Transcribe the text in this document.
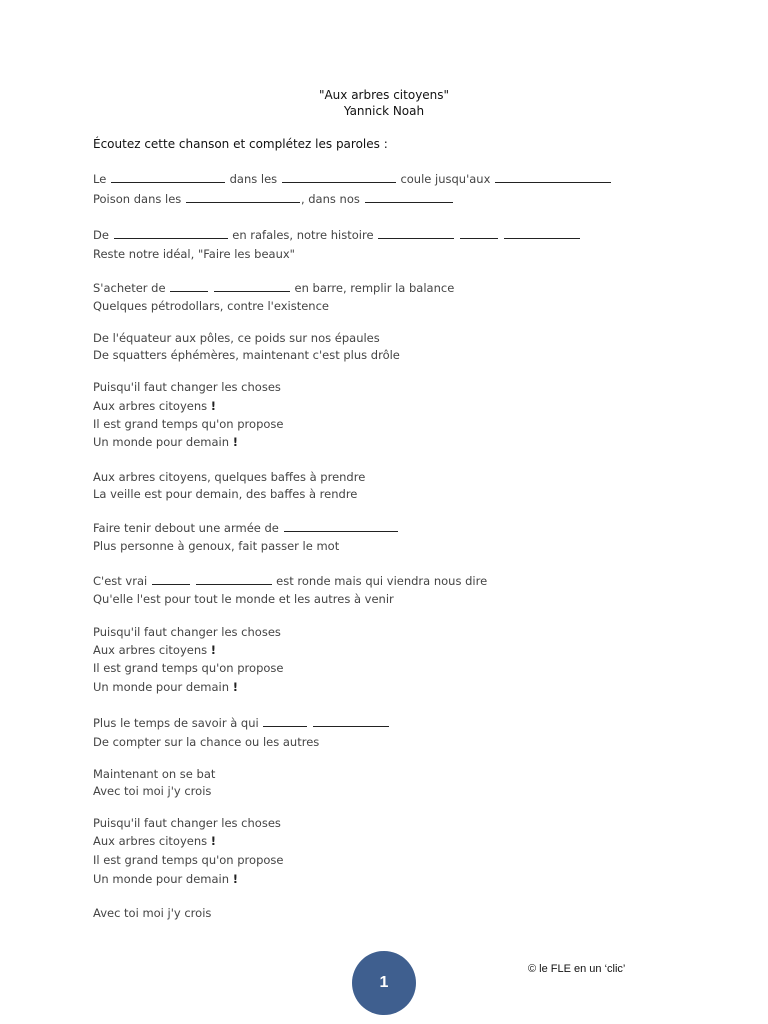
"Aux arbres citoyens"
Yannick Noah
Écoutez cette chanson et complétez les paroles :
Le	dans les	coule jusqu'aux
Poison dans les	, dans nos
De	en rafales, notre histoire
Reste notre idéal, "Faire les beaux"
S'acheter de	en barre, remplir la balance
Quelques pétrodollars, contre l'existence
De l'équateur aux pôles, ce poids sur nos épaules
De squatters éphémères, maintenant c'est plus drôle
Puisqu'il faut changer les choses
Aux arbres citoyens !
Il est grand temps qu'on propose
Un monde pour demain !
Aux arbres citoyens, quelques baffes à prendre
La veille est pour demain, des baffes à rendre
Faire tenir debout une armée de
Plus personne à genoux, fait passer le mot
C'est vrai	est ronde mais qui viendra nous dire
Qu'elle l'est pour tout le monde et les autres à venir
Puisqu'il faut changer les choses
Aux arbres citoyens !
Il est grand temps qu'on propose
Un monde pour demain !
Plus le temps de savoir à qui
De compter sur la chance ou les autres
Maintenant on se bat
Avec toi moi j'y crois
Puisqu'il faut changer les choses
Aux arbres citoyens !
Il est grand temps qu'on propose
Un monde pour demain !
Avec toi moi j'y crois
1
© le FLE en un ‘clic’
